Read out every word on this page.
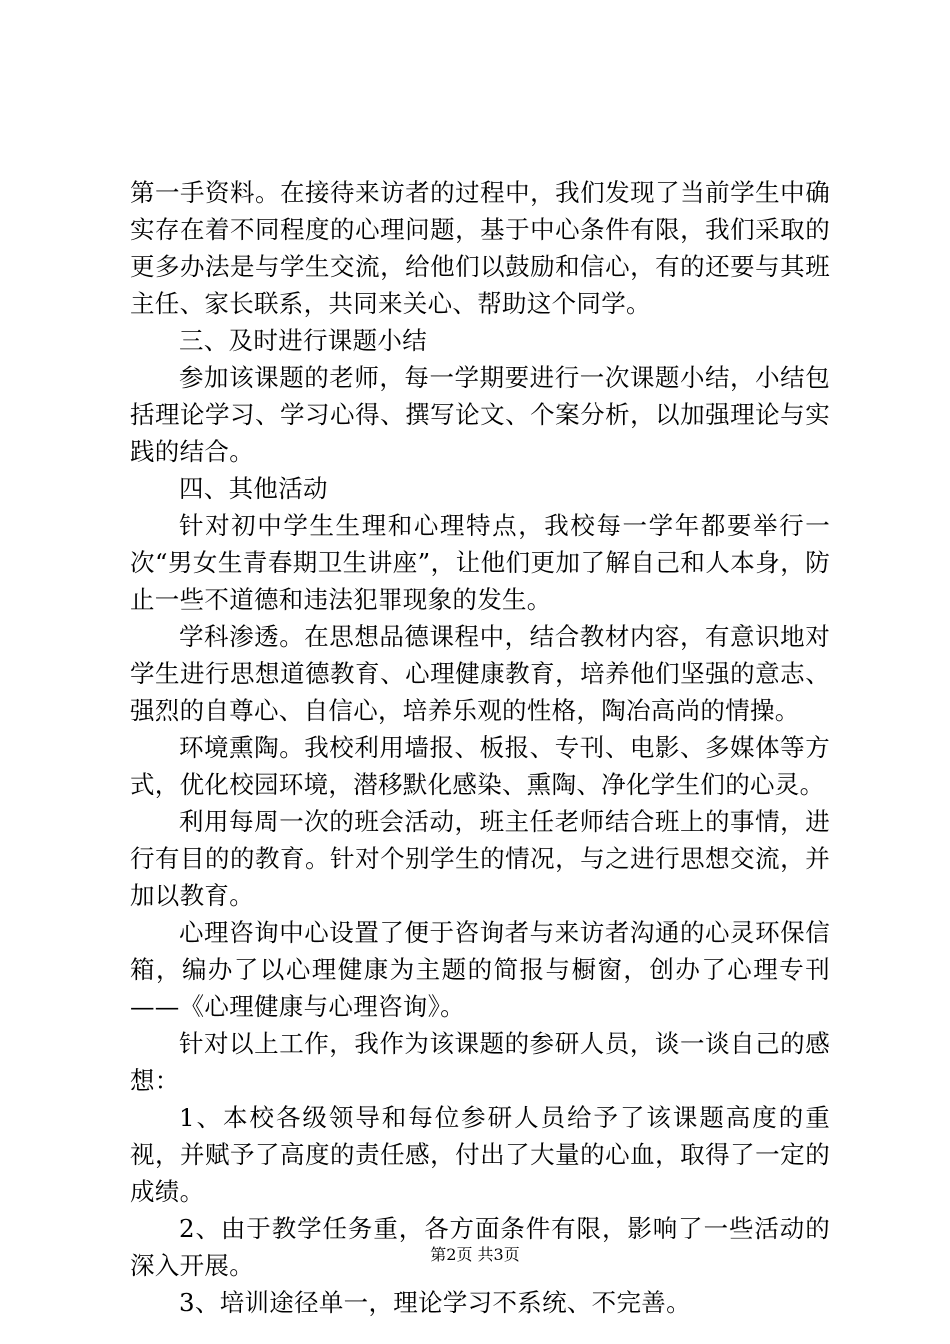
第一手资料。在接待来访者的过程中，我们发现了当前学生中确实存在着不同程度的心理问题，基于中心条件有限，我们采取的更多办法是与学生交流，给他们以鼓励和信心，有的还要与其班主任、家长联系，共同来关心、帮助这个同学。

三、及时进行课题小结

参加该课题的老师，每一学期要进行一次课题小结，小结包括理论学习、学习心得、撰写论文、个案分析，以加强理论与实践的结合。

四、其他活动

针对初中学生生理和心理特点，我校每一学年都要举行一次“男女生青春期卫生讲座”，让他们更加了解自己和人本身，防止一些不道德和违法犯罪现象的发生。

学科渗透。在思想品德课程中，结合教材内容，有意识地对学生进行思想道德教育、心理健康教育，培养他们坚强的意志、强烈的自尊心、自信心，培养乐观的性格，陶冶高尚的情操。

环境熏陶。我校利用墙报、板报、专刊、电影、多媒体等方式，优化校园环境，潜移默化感染、熏陶、净化学生们的心灵。

利用每周一次的班会活动，班主任老师结合班上的事情，进行有目的的教育。针对个别学生的情况，与之进行思想交流，并加以教育。

心理咨询中心设置了便于咨询者与来访者沟通的心灵环保信箱，编办了以心理健康为主题的简报与橱窗，创办了心理专刊——《心理健康与心理咨询》。

针对以上工作，我作为该课题的参研人员，谈一谈自己的感想：

1、本校各级领导和每位参研人员给予了该课题高度的重视，并赋予了高度的责任感，付出了大量的心血，取得了一定的成绩。

2、由于教学任务重，各方面条件有限，影响了一些活动的深入开展。

3、培训途径单一，理论学习不系统、不完善。

第2页 共3页
